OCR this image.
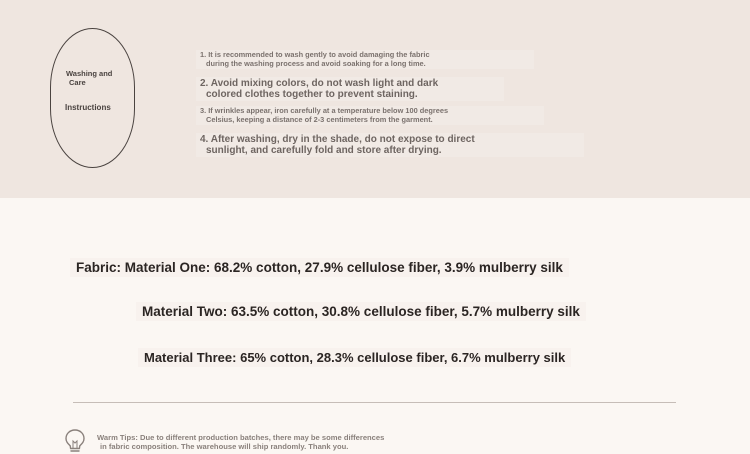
Washing and
Care
Instructions

1. It is recommended to wash gently to avoid damaging the fabric
during the washing process and avoid soaking for a long time.

2. Avoid mixing colors, do not wash light and dark
colored clothes together to prevent staining.

3. If wrinkles appear, iron carefully at a temperature below 100 degrees
Celsius, keeping a distance of 2-3 centimeters from the garment.

4. After washing, dry in the shade, do not expose to direct
sunlight, and carefully fold and store after drying.

Fabric: Material One: 68.2% cotton, 27.9% cellulose fiber, 3.9% mulberry silk
Material Two: 63.5% cotton, 30.8% cellulose fiber, 5.7% mulberry silk
Material Three: 65% cotton, 28.3% cellulose fiber, 6.7% mulberry silk

Warm Tips: Due to different production batches, there may be some differences
in fabric composition. The warehouse will ship randomly. Thank you.
